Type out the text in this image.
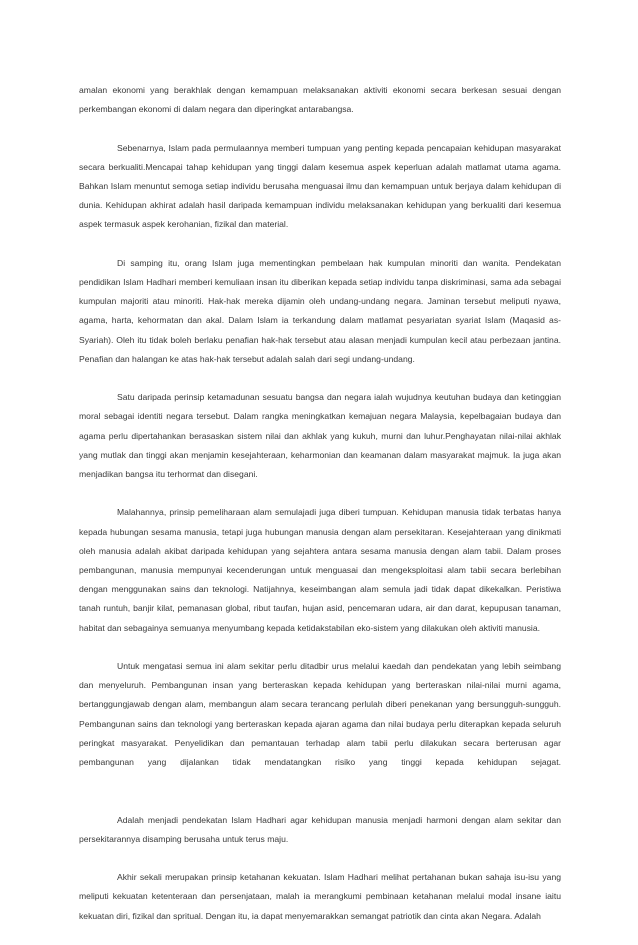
amalan ekonomi yang berakhlak dengan kemampuan melaksanakan aktiviti ekonomi secara berkesan sesuai dengan perkembangan ekonomi di dalam negara dan diperingkat antarabangsa.

Sebenarnya, Islam pada permulaannya memberi tumpuan yang penting kepada pencapaian kehidupan masyarakat secara berkualiti.Mencapai tahap kehidupan yang tinggi dalam kesemua aspek keperluan adalah matlamat utama agama. Bahkan Islam menuntut semoga setiap individu berusaha menguasai ilmu dan kemampuan untuk berjaya dalam kehidupan di dunia. Kehidupan akhirat adalah hasil daripada kemampuan individu melaksanakan kehidupan yang berkualiti dari kesemua aspek termasuk aspek kerohanian, fizikal dan material.

Di samping itu, orang Islam juga mementingkan pembelaan hak kumpulan minoriti dan wanita. Pendekatan pendidikan Islam Hadhari memberi kemuliaan insan itu diberikan kepada setiap individu tanpa diskriminasi, sama ada sebagai kumpulan majoriti atau minoriti. Hak-hak mereka dijamin oleh undang-undang negara. Jaminan tersebut meliputi nyawa, agama, harta, kehormatan dan akal. Dalam Islam ia terkandung dalam matlamat pesyariatan syariat Islam (Maqasid as-Syariah). Oleh itu tidak boleh berlaku penafian hak-hak tersebut atau alasan menjadi kumpulan kecil atau perbezaan jantina. Penafian dan halangan ke atas hak-hak tersebut adalah salah dari segi undang-undang.

Satu daripada perinsip ketamadunan sesuatu bangsa dan negara ialah wujudnya keutuhan budaya dan ketinggian moral sebagai identiti negara tersebut. Dalam rangka meningkatkan kemajuan negara Malaysia, kepelbagaian budaya dan agama perlu dipertahankan berasaskan sistem nilai dan akhlak yang kukuh, murni dan luhur.Penghayatan nilai-nilai akhlak yang mutlak dan tinggi akan menjamin kesejahteraan, keharmonian dan keamanan dalam masyarakat majmuk. Ia juga akan menjadikan bangsa itu terhormat dan disegani.

Malahannya, prinsip pemeliharaan alam semulajadi juga diberi tumpuan. Kehidupan manusia tidak terbatas hanya kepada hubungan sesama manusia, tetapi juga hubungan manusia dengan alam persekitaran. Kesejahteraan yang dinikmati oleh manusia adalah akibat daripada kehidupan yang sejahtera antara sesama manusia dengan alam tabii. Dalam proses pembangunan, manusia mempunyai kecenderungan untuk menguasai dan mengeksploitasi alam tabii secara berlebihan dengan menggunakan sains dan teknologi. Natijahnya, keseimbangan alam semula jadi tidak dapat dikekalkan. Peristiwa tanah runtuh, banjir kilat, pemanasan global, ribut taufan, hujan asid, pencemaran udara, air dan darat, kepupusan tanaman, habitat dan sebagainya semuanya menyumbang kepada ketidakstabilan eko-sistem yang dilakukan oleh aktiviti manusia.

Untuk mengatasi semua ini alam sekitar perlu ditadbir urus melalui kaedah dan pendekatan yang lebih seimbang dan menyeluruh. Pembangunan insan yang berteraskan kepada kehidupan yang berteraskan nilai-nilai murni agama, bertanggungjawab dengan alam, membangun alam secara terancang perlulah diberi penekanan yang bersungguh-sungguh. Pembangunan sains dan teknologi yang berteraskan kepada ajaran agama dan nilai budaya perlu diterapkan kepada seluruh peringkat masyarakat. Penyelidikan dan pemantauan terhadap alam tabii perlu dilakukan secara berterusan agar pembangunan yang dijalankan tidak mendatangkan risiko yang tinggi kepada kehidupan sejagat.

Adalah menjadi pendekatan Islam Hadhari agar kehidupan manusia menjadi harmoni dengan alam sekitar dan persekitarannya disamping berusaha untuk terus maju.

Akhir sekali merupakan prinsip ketahanan kekuatan. Islam Hadhari melihat pertahanan bukan sahaja isu-isu yang meliputi kekuatan ketenteraan dan persenjataan, malah ia merangkumi pembinaan ketahanan melalui modal insane iaitu kekuatan diri, fizikal dan spritual. Dengan itu, ia dapat menyemarakkan semangat patriotik dan cinta akan Negara. Adalah
